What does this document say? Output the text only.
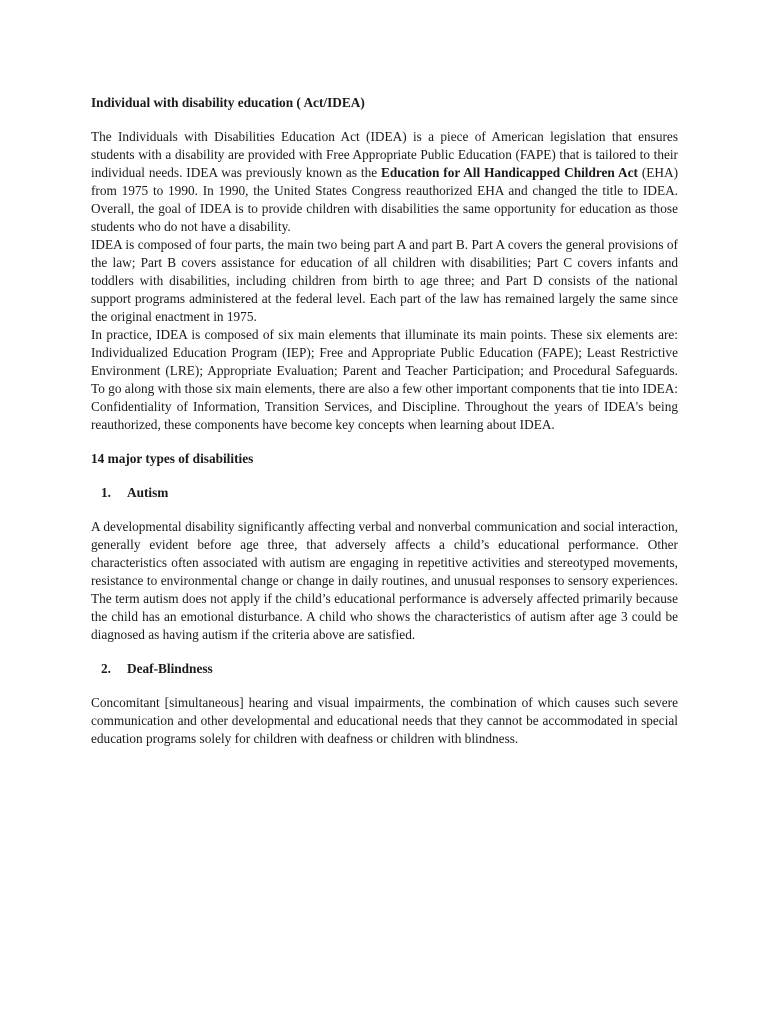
Individual with disability education ( Act/IDEA)

The Individuals with Disabilities Education Act (IDEA) is a piece of American legislation that ensures students with a disability are provided with Free Appropriate Public Education (FAPE) that is tailored to their individual needs. IDEA was previously known as the Education for All Handicapped Children Act (EHA) from 1975 to 1990. In 1990, the United States Congress reauthorized EHA and changed the title to IDEA. Overall, the goal of IDEA is to provide children with disabilities the same opportunity for education as those students who do not have a disability.

IDEA is composed of four parts, the main two being part A and part B. Part A covers the general provisions of the law; Part B covers assistance for education of all children with disabilities; Part C covers infants and toddlers with disabilities, including children from birth to age three; and Part D consists of the national support programs administered at the federal level. Each part of the law has remained largely the same since the original enactment in 1975.

In practice, IDEA is composed of six main elements that illuminate its main points. These six elements are: Individualized Education Program (IEP); Free and Appropriate Public Education (FAPE); Least Restrictive Environment (LRE); Appropriate Evaluation; Parent and Teacher Participation; and Procedural Safeguards. To go along with those six main elements, there are also a few other important components that tie into IDEA: Confidentiality of Information, Transition Services, and Discipline. Throughout the years of IDEA's being reauthorized, these components have become key concepts when learning about IDEA.

14 major types of disabilities

1. Autism

A developmental disability significantly affecting verbal and nonverbal communication and social interaction, generally evident before age three, that adversely affects a child’s educational performance. Other characteristics often associated with autism are engaging in repetitive activities and stereotyped movements, resistance to environmental change or change in daily routines, and unusual responses to sensory experiences. The term autism does not apply if the child’s educational performance is adversely affected primarily because the child has an emotional disturbance. A child who shows the characteristics of autism after age 3 could be diagnosed as having autism if the criteria above are satisfied.

2. Deaf-Blindness

Concomitant [simultaneous] hearing and visual impairments, the combination of which causes such severe communication and other developmental and educational needs that they cannot be accommodated in special education programs solely for children with deafness or children with blindness.
